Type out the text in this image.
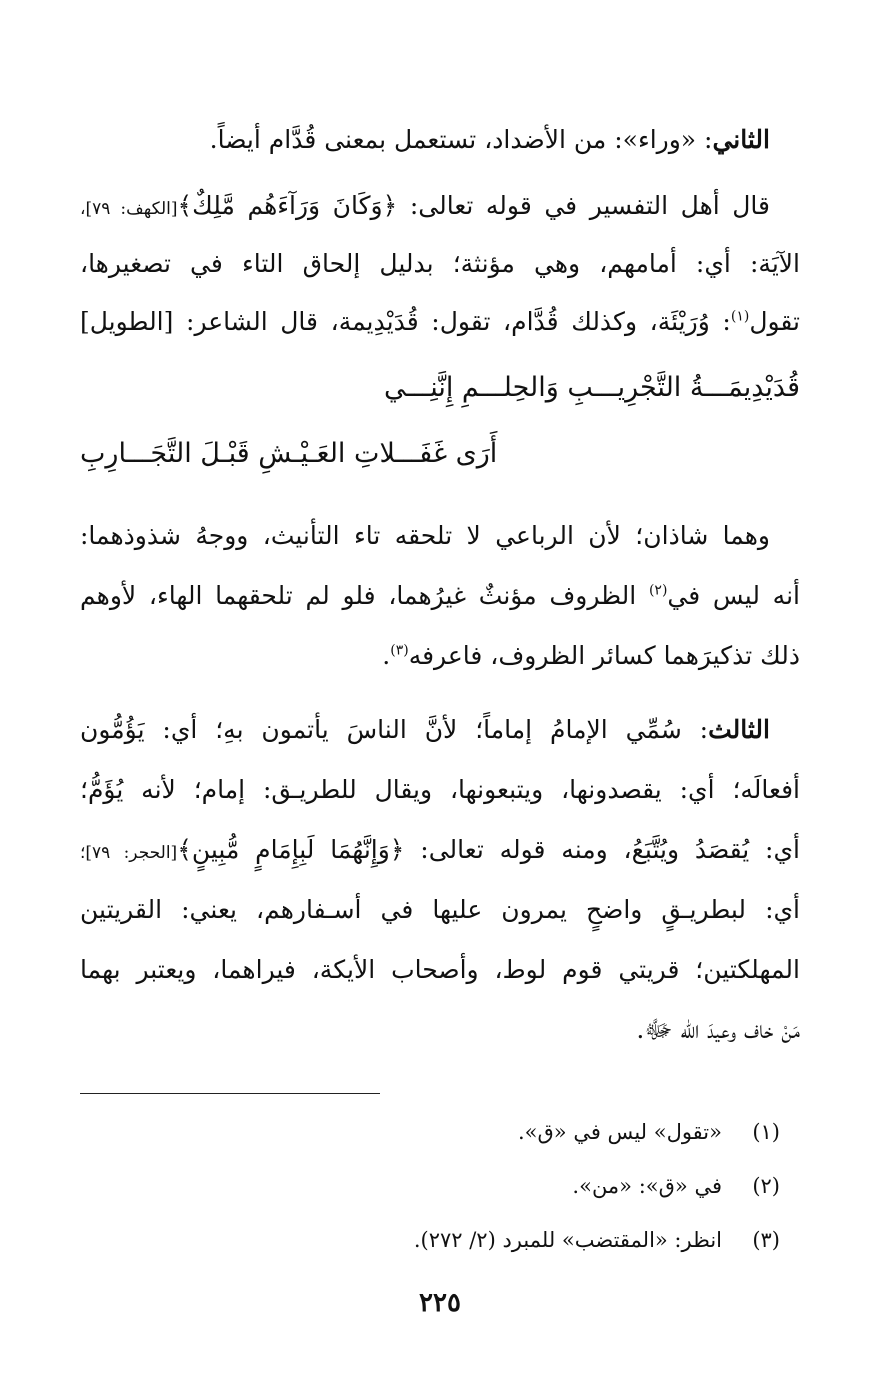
الثاني: «وراء»: من الأضداد، تستعمل بمعنى قُدَّام أيضاً.
قال أهل التفسير في قوله تعالى: ﴿وَكَانَ وَرَآءَهُم مَّلِكٌ﴾[الكهف: ٧٩]،
الآيَة: أي: أمامهم، وهي مؤنثة؛ بدليل إلحاق التاء في تصغيرها،
تقول$^{(١)}$: وُرَيْئَة، وكذلك قُدَّام، تقول: قُدَيْدِيمة، قال الشاعر: [الطويل]
قُدَيْدِيمَـــةُ التَّجْرِيـــبِ وَالحِلـــمِ إِنَّنِـــي
أَرَى غَفَـــلاتِ العَـيْـشِ قَبْـلَ التَّجَـــارِبِ
وهما شاذان؛ لأن الرباعي لا تلحقه تاء التأنيث، ووجهُ شذوذهما:
أنه ليس في$^{(٢)}$ الظروف مؤنثٌ غيرُهما، فلو لم تلحقهما الهاء، لأوهم
ذلك تذكيرَهما كسائر الظروف، فاعرفه$^{(٣)}$.
الثالث: سُمِّي الإمامُ إماماً؛ لأنَّ الناسَ يأتمون بهِ؛ أي: يَؤُمُّون
أفعالَه؛ أي: يقصدونها، ويتبعونها، ويقال للطريـق: إمام؛ لأنه يُؤَمُّ؛
أي: يُقصَدُ ويُتَّبَعُ، ومنه قوله تعالى: ﴿وَإِنَّهُمَا لَبِإِمَامٍ مُّبِينٍ﴾[الحجر: ٧٩]؛
أي: لبطريـقٍ واضحٍ يمرون عليها في أسـفارهم، يعني: القريتين
المهلكتين؛ قريتي قوم لوط، وأصحاب الأيكة، فيراهما، ويعتبر بهما
مَنْ خاف وعيدَ الله ﷻ.
(١)«تقول» ليس في «ق».
(٢)في «ق»: «من».
(٣)انظر: «المقتضب» للمبرد (٢/ ٢٧٢).
٢٢٥
